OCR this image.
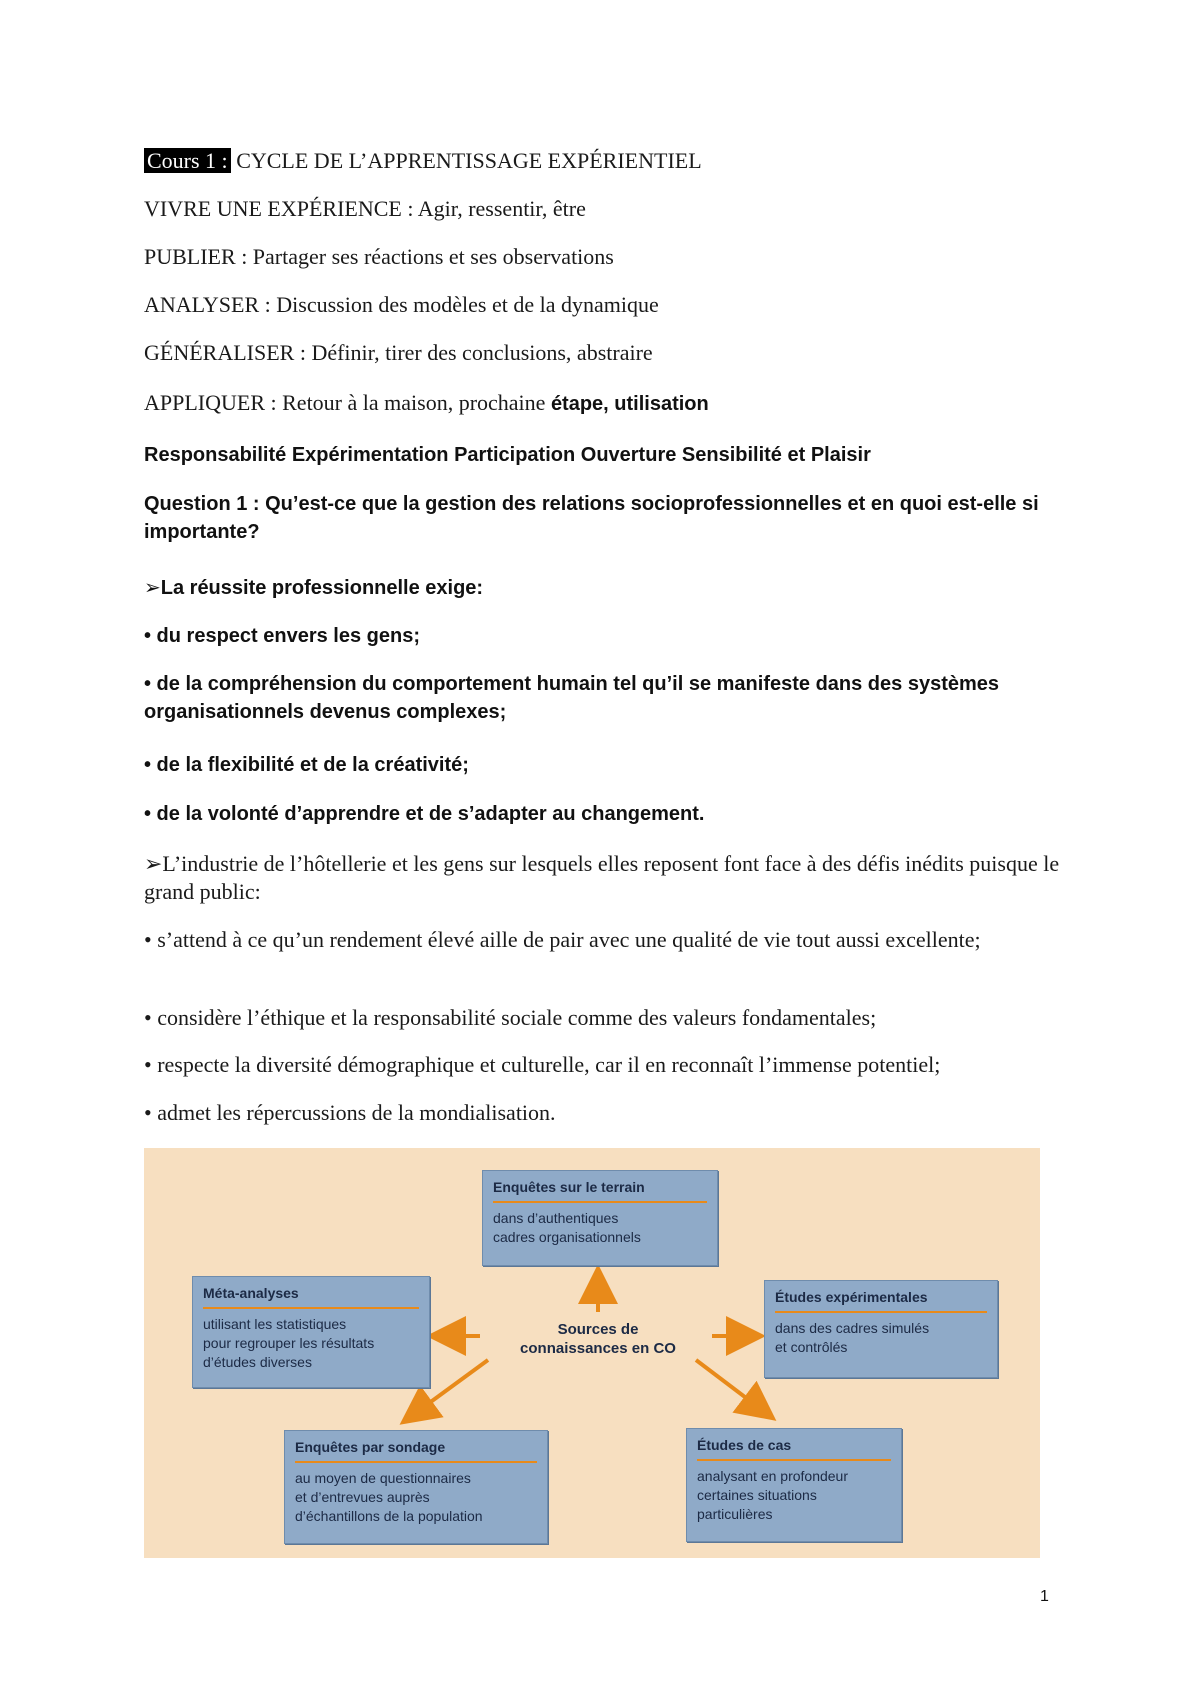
Cours 1 : CYCLE DE L’APPRENTISSAGE EXPÉRIENTIEL
VIVRE UNE EXPÉRIENCE : Agir, ressentir, être
PUBLIER : Partager ses réactions et ses observations
ANALYSER : Discussion des modèles et de la dynamique
GÉNÉRALISER : Définir, tirer des conclusions, abstraire
APPLIQUER : Retour à la maison, prochaine étape, utilisation
Responsabilité Expérimentation Participation Ouverture Sensibilité et Plaisir
Question 1 : Qu’est-ce que la gestion des relations socioprofessionnelles et en quoi est-elle si importante?
➢La réussite professionnelle exige:
• du respect envers les gens;
• de la compréhension du comportement humain tel qu’il se manifeste dans des systèmes organisationnels devenus complexes;
• de la flexibilité et de la créativité;
• de la volonté d’apprendre et de s’adapter au changement.
➢L’industrie de l’hôtellerie et les gens sur lesquels elles reposent font face à des défis inédits puisque le grand public:
• s’attend à ce qu’un rendement élevé aille de pair avec une qualité de vie tout aussi excellente;
• considère l’éthique et la responsabilité sociale comme des valeurs fondamentales;
• respecte la diversité démographique et culturelle, car il en reconnaît l’immense potentiel;
• admet les répercussions de la mondialisation.
Sources de
connaissances en CO
Enquêtes sur le terrain
dans d’authentiques
cadres organisationnels
Méta-analyses
utilisant les statistiques
pour regrouper les résultats
d’études diverses
Études expérimentales
dans des cadres simulés
et contrôlés
Enquêtes par sondage
au moyen de questionnaires
et d’entrevues auprès
d’échantillons de la population
Études de cas
analysant en profondeur
certaines situations
particulières
1
